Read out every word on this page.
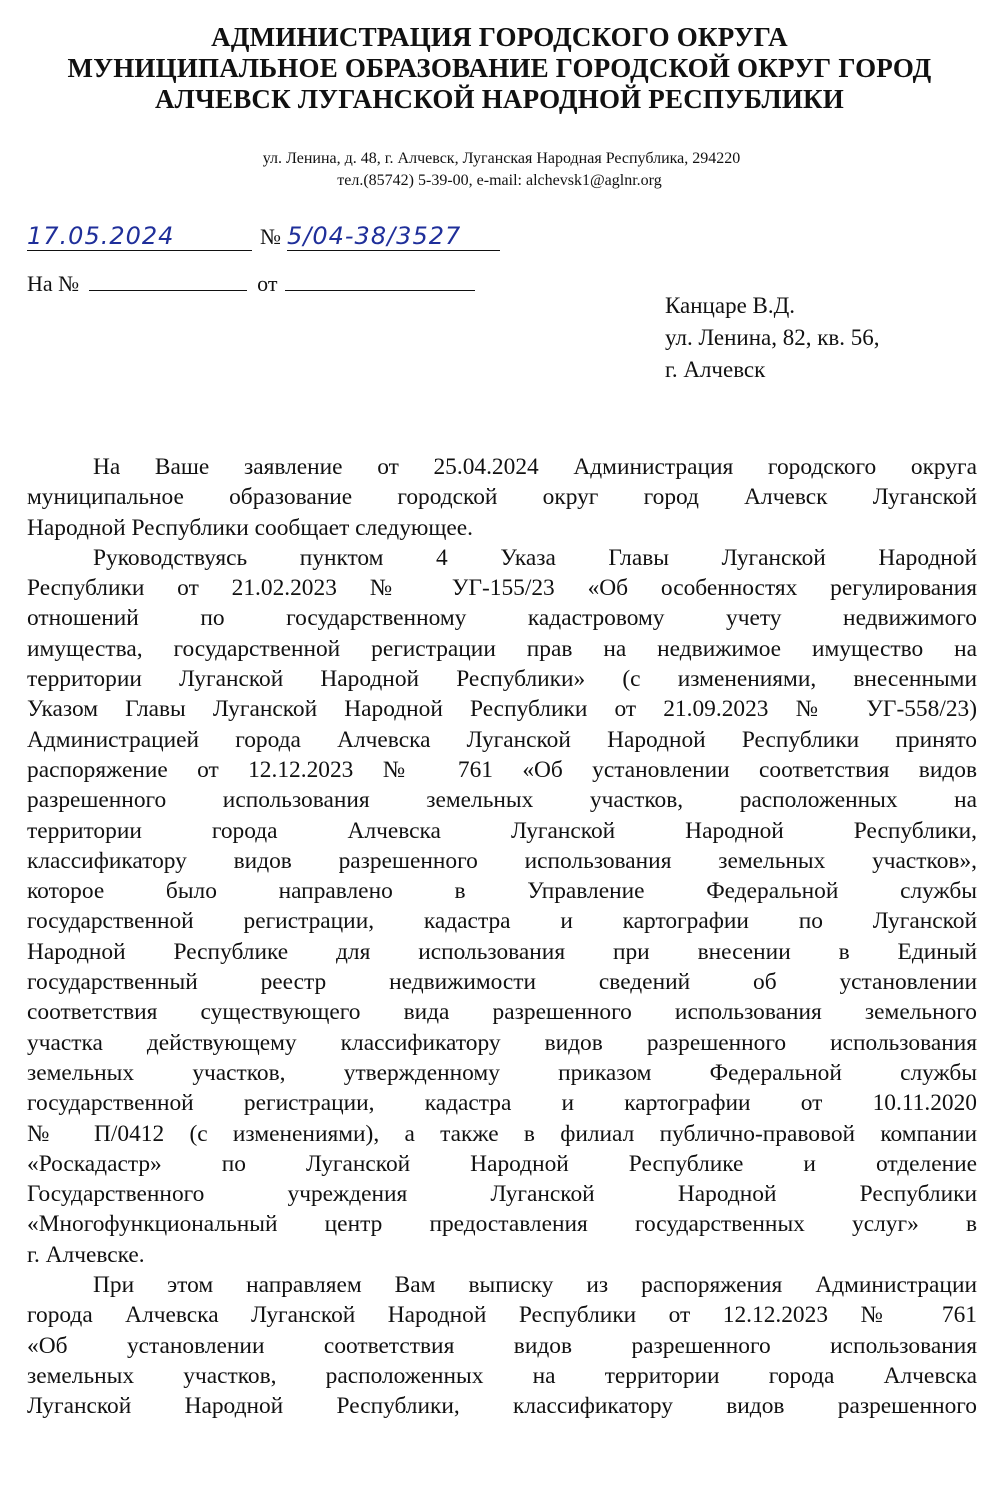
АДМИНИСТРАЦИЯ ГОРОДСКОГО ОКРУГА
МУНИЦИПАЛЬНОЕ ОБРАЗОВАНИЕ ГОРОДСКОЙ ОКРУГ ГОРОД
АЛЧЕВСК ЛУГАНСКОЙ НАРОДНОЙ РЕСПУБЛИКИ
ул. Ленина, д. 48, г. Алчевск, Луганская Народная Республика, 294220
тел.(85742) 5-39-00, e-mail: alchevsk1@aglnr.org
17.05.2024	№ 5/04-38/3527
На №	от
Канцаре В.Д.
ул. Ленина, 82, кв. 56,
г. Алчевск
На Ваше заявление от 25.04.2024 Администрация городского округа
муниципальное образование городской округ город Алчевск Луганской
Народной Республики сообщает следующее.
Руководствуясь пунктом 4 Указа Главы Луганской Народной
Республики от 21.02.2023 № УГ-155/23 «Об особенностях регулирования
отношений по государственному кадастровому учету недвижимого
имущества, государственной регистрации прав на недвижимое имущество на
территории Луганской Народной Республики» (с изменениями, внесенными
Указом Главы Луганской Народной Республики от 21.09.2023 № УГ-558/23)
Администрацией города Алчевска Луганской Народной Республики принято
распоряжение от 12.12.2023 № 761 «Об установлении соответствия видов
разрешенного использования земельных участков, расположенных на
территории города Алчевска Луганской Народной Республики,
классификатору видов разрешенного использования земельных участков»,
которое было направлено в Управление Федеральной службы
государственной регистрации, кадастра и картографии по Луганской
Народной Республике для использования при внесении в Единый
государственный реестр недвижимости сведений об установлении
соответствия существующего вида разрешенного использования земельного
участка действующему классификатору видов разрешенного использования
земельных участков, утвержденному приказом Федеральной службы
государственной регистрации, кадастра и картографии от 10.11.2020
№ П/0412 (с изменениями), а также в филиал публично-правовой компании
«Роскадастр» по Луганской Народной Республике и отделение
Государственного учреждения Луганской Народной Республики
«Многофункциональный центр предоставления государственных услуг» в
г. Алчевске.
При этом направляем Вам выписку из распоряжения Администрации
города Алчевска Луганской Народной Республики от 12.12.2023 № 761
«Об установлении соответствия видов разрешенного использования
земельных участков, расположенных на территории города Алчевска
Луганской Народной Республики, классификатору видов разрешенного
